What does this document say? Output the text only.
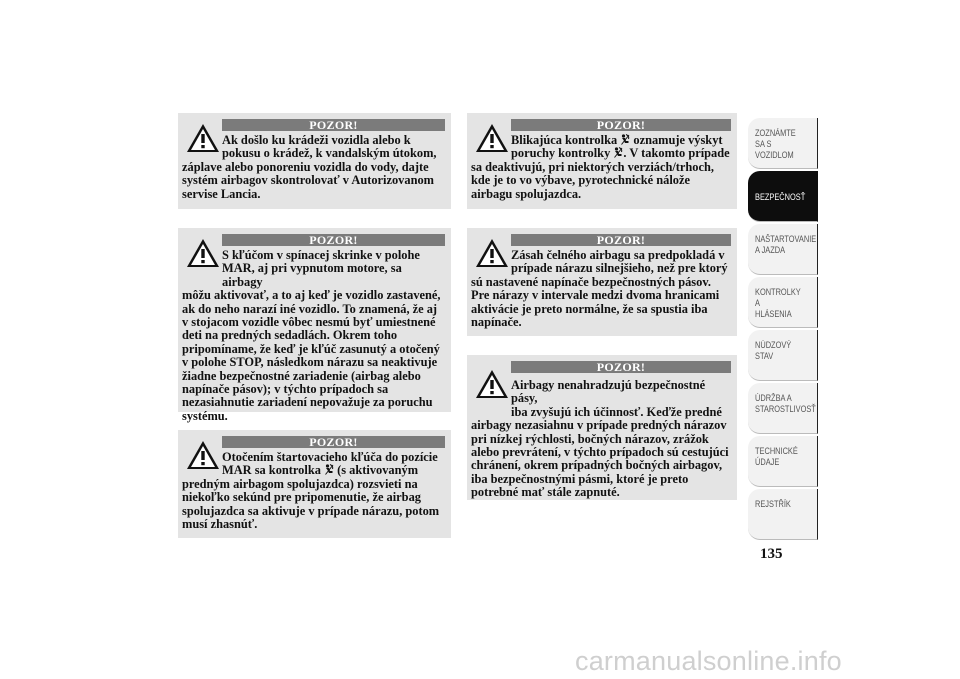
POZOR!
Ak došlo ku krádeži vozidla alebo k
pokusu o krádež, k vandalským útokom,
záplave alebo ponoreniu vozidla do vody, dajte systém airbagov skontrolovať v Autorizovanom servise Lancia.
POZOR!
S kľúčom v spínacej skrinke v polohe
MAR, aj pri vypnutom motore, sa airbagy
môžu aktivovať, a to aj keď je vozidlo zastavené, ak do neho narazí iné vozidlo. To znamená, že aj v stojacom vozidle vôbec nesmú byť umiestnené deti na predných sedadlách. Okrem toho pripomíname, že keď je kľúč zasunutý a otočený v polohe STOP, následkom nárazu sa neaktivuje žiadne bezpečnostné zariadenie (airbag alebo napínače pásov); v týchto prípadoch sa nezasiahnutie zariadení nepovažuje za poruchu systému.
POZOR!
Otočením štartovacieho kľúča do pozície
MAR sa kontrolka (s aktivovaným
predným airbagom spolujazdca) rozsvieti na niekoľko sekúnd pre pripomenutie, že airbag spolujazdca sa aktivuje v prípade nárazu, potom musí zhasnúť.
POZOR!
Blikajúca kontrolka oznamuje výskyt
poruchy kontrolky . V takomto prípade
sa deaktivujú, pri niektorých verziách/trhoch, kde je to vo výbave, pyrotechnické nálože airbagu spolujazdca.
POZOR!
Zásah čelného airbagu sa predpokladá v
prípade nárazu silnejšieho, než pre ktorý
sú nastavené napínače bezpečnostných pásov. Pre nárazy v intervale medzi dvoma hranicami aktivácie je preto normálne, že sa spustia iba napínače.
POZOR!
Airbagy nenahradzujú bezpečnostné pásy,
iba zvyšujú ich účinnosť. Keďže predné
airbagy nezasiahnu v prípade predných nárazov pri nízkej rýchlosti, bočných nárazov, zrážok alebo prevrátení, v týchto prípadoch sú cestujúci chránení, okrem prípadných bočných airbagov, iba bezpečnostnými pásmi, ktoré je preto potrebné mať stále zapnuté.
ZOZNÁMTE SA S
VOZIDLOM
BEZPEČNOSŤ
NAŠTARTOVANIE
A JAZDA
KONTROLKY A
HLÁSENIA
NÚDZOVÝ STAV
ÚDRŽBA A
STAROSTLIVOSŤ
TECHNICKÉ
ÚDAJE
REJSTŘÍK
135
carmanualsonline.info
